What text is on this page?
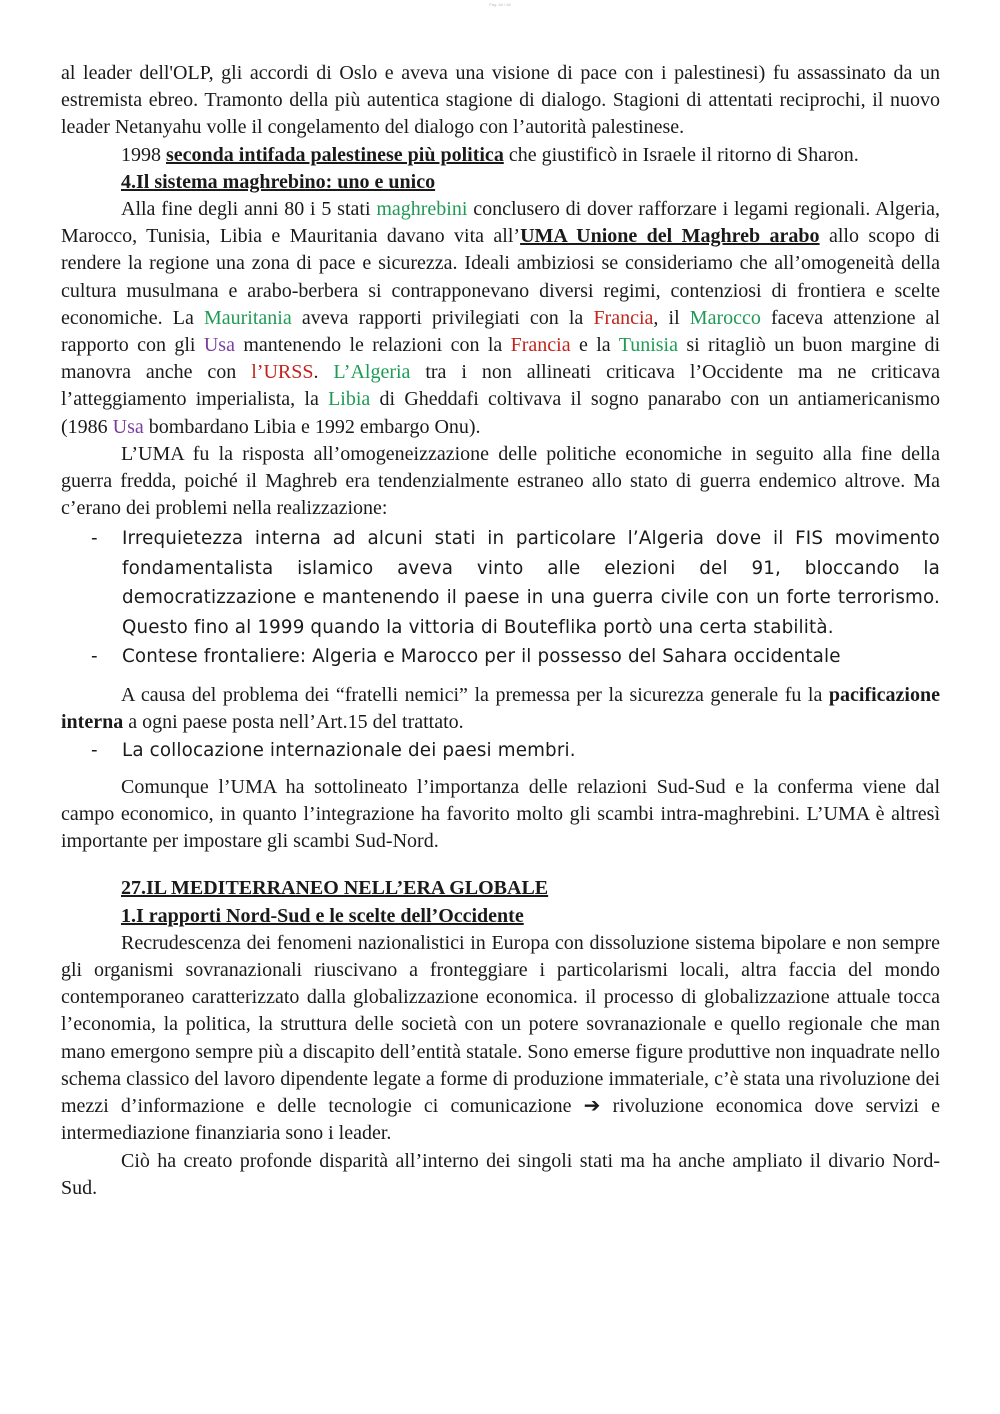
Pag. ## / ##

al leader dell'OLP, gli accordi di Oslo e aveva una visione di pace con i palestinesi) fu assassinato da un estremista ebreo. Tramonto della più autentica stagione di dialogo. Stagioni di attentati reciprochi, il nuovo leader Netanyahu volle il congelamento del dialogo con l’autorità palestinese.

1998 seconda intifada palestinese più politica che giustificò in Israele il ritorno di Sharon.

4.Il sistema maghrebino: uno e unico

Alla fine degli anni 80 i 5 stati maghrebini conclusero di dover rafforzare i legami regionali. Algeria, Marocco, Tunisia, Libia e Mauritania davano vita all’UMA Unione del Maghreb arabo allo scopo di rendere la regione una zona di pace e sicurezza. Ideali ambiziosi se consideriamo che all’omogeneità della cultura musulmana e arabo-berbera si contrapponevano diversi regimi, contenziosi di frontiera e scelte economiche. La Mauritania aveva rapporti privilegiati con la Francia, il Marocco faceva attenzione al rapporto con gli Usa mantenendo le relazioni con la Francia e la Tunisia si ritagliò un buon margine di manovra anche con l’URSS. L’Algeria tra i non allineati criticava l’Occidente ma ne criticava l’atteggiamento imperialista, la Libia di Gheddafi coltivava il sogno panarabo con un antiamericanismo (1986 Usa bombardano Libia e 1992 embargo Onu).

L’UMA fu la risposta all’omogeneizzazione delle politiche economiche in seguito alla fine della guerra fredda, poiché il Maghreb era tendenzialmente estraneo allo stato di guerra endemico altrove. Ma c’erano dei problemi nella realizzazione:

- Irrequietezza interna ad alcuni stati in particolare l’Algeria dove il FIS movimento fondamentalista islamico aveva vinto alle elezioni del 91, bloccando la democratizzazione e mantenendo il paese in una guerra civile con un forte terrorismo. Questo fino al 1999 quando la vittoria di Bouteflika portò una certa stabilità.
- Contese frontaliere: Algeria e Marocco per il possesso del Sahara occidentale

A causa del problema dei “fratelli nemici” la premessa per la sicurezza generale fu la pacificazione interna a ogni paese posta nell’Art.15 del trattato.

- La collocazione internazionale dei paesi membri.

Comunque l’UMA ha sottolineato l’importanza delle relazioni Sud-Sud e la conferma viene dal campo economico, in quanto l’integrazione ha favorito molto gli scambi intra-maghrebini. L’UMA è altresì importante per impostare gli scambi Sud-Nord.

27.IL MEDITERRANEO NELL’ERA GLOBALE
1.I rapporti Nord-Sud e le scelte dell’Occidente

Recrudescenza dei fenomeni nazionalistici in Europa con dissoluzione sistema bipolare e non sempre gli organismi sovranazionali riuscivano a fronteggiare i particolarismi locali, altra faccia del mondo contemporaneo caratterizzato dalla globalizzazione economica. il processo di globalizzazione attuale tocca l’economia, la politica, la struttura delle società con un potere sovranazionale e quello regionale che man mano emergono sempre più a discapito dell’entità statale. Sono emerse figure produttive non inquadrate nello schema classico del lavoro dipendente legate a forme di produzione immateriale, c’è stata una rivoluzione dei mezzi d’informazione e delle tecnologie ci comunicazione ➔ rivoluzione economica dove servizi e intermediazione finanziaria sono i leader.

Ciò ha creato profonde disparità all’interno dei singoli stati ma ha anche ampliato il divario Nord-Sud.
